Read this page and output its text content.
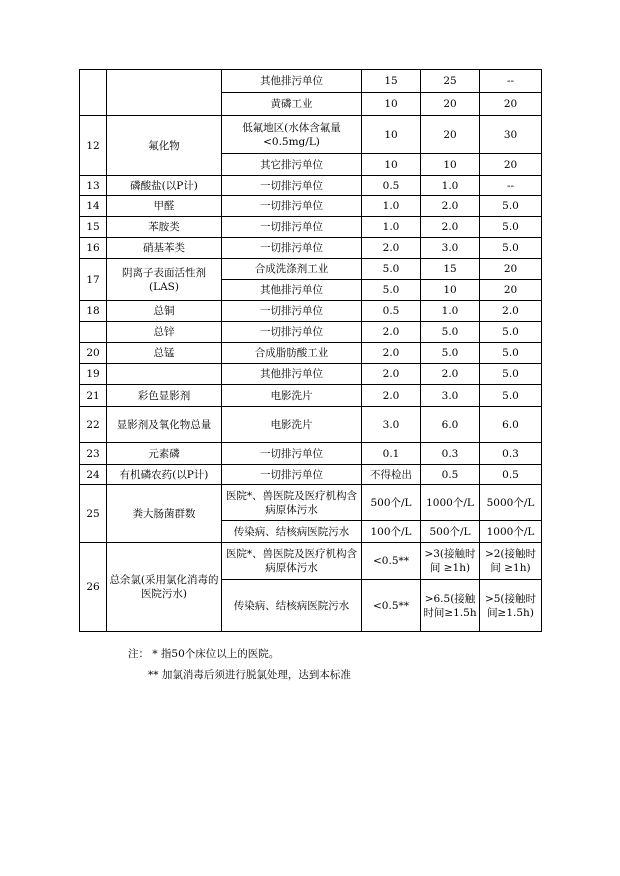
		其他排污单位	15	25	--
		黄磷工业	10	20	20
12	氟化物	低氟地区(水体含氟量<0.5mg/L)	10	20	30
		其它排污单位	10	10	20
13	磷酸盐(以P计)	一切排污单位	0.5	1.0	--
14	甲醛	一切排污单位	1.0	2.0	5.0
15	苯胺类	一切排污单位	1.0	2.0	5.0
16	硝基苯类	一切排污单位	2.0	3.0	5.0
17	阴离子表面活性剂(LAS)	合成洗涤剂工业	5.0	15	20
		其他排污单位	5.0	10	20
18	总铜	一切排污单位	0.5	1.0	2.0
	总锌	一切排污单位	2.0	5.0	5.0
20	总锰	合成脂肪酸工业	2.0	5.0	5.0
19		其他排污单位	2.0	2.0	5.0
21	彩色显影剂	电影洗片	2.0	3.0	5.0
22	显影剂及氧化物总量	电影洗片	3.0	6.0	6.0
23	元素磷	一切排污单位	0.1	0.3	0.3
24	有机磷农药(以P计)	一切排污单位	不得检出	0.5	0.5
25	粪大肠菌群数	医院*、兽医院及医疗机构含病原体污水	500个/L	1000个/L	5000个/L
		传染病、结核病医院污水	100个/L	500个/L	1000个/L
26	总余氯(采用氯化消毒的医院污水)	医院*、兽医院及医疗机构含病原体污水	<0.5**	>3(接触时间 ≥1h)	>2(接触时间 ≥1h)
		传染病、结核病医院污水	<0.5**	>6.5(接触时间≥1.5h	>5(接触时间≥1.5h)
注： * 指50个床位以上的医院。
** 加氯消毒后须进行脱氯处理，达到本标准
